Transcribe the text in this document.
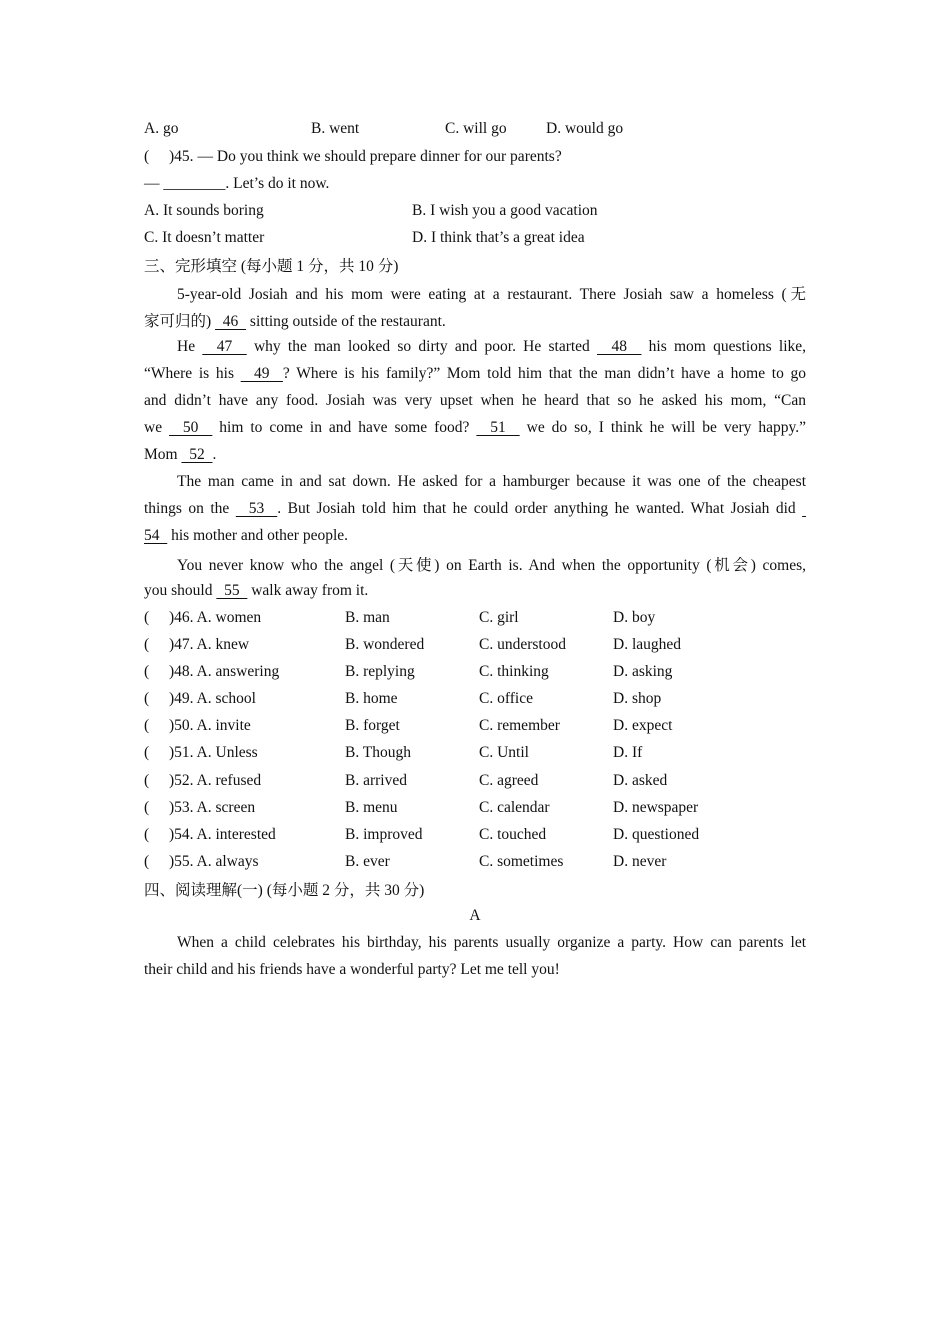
A. go	B. went	C. will go	D. would go
( )45. — Do you think we should prepare dinner for our parents?
— ________. Let’s do it now.
A. It sounds boring	B. I wish you a good vacation
C. It doesn’t matter	D. I think that’s a great idea
三、完形填空 (每小题 1 分，共 10 分)
5-year-old Josiah and his mom were eating at a restaurant. There Josiah saw a homeless (无
家可归的)   46   sitting outside of the restaurant.
He   47   why the man looked so dirty and poor. He started   48   his mom questions like,
“Where is his   49  ? Where is his family?” Mom told him that the man didn’t have a home to go
and didn’t have any food. Josiah was very upset when he heard that so he asked his mom, “Can
we   50   him to come in and have some food?   51   we do so, I think he will be very happy.”
Mom   52  .
The man came in and sat down. He asked for a hamburger because it was one of the cheapest
things on the   53  . But Josiah told him that he could order anything he wanted. What Josiah did
54   his mother and other people.
You never know who the angel (天使) on Earth is. And when the opportunity (机会) comes,
you should   55   walk away from it.
( )46. A. women	B. man	C. girl	D. boy
( )47. A. knew	B. wondered	C. understood	D. laughed
( )48. A. answering	B. replying	C. thinking	D. asking
( )49. A. school	B. home	C. office	D. shop
( )50. A. invite	B. forget	C. remember	D. expect
( )51. A. Unless	B. Though	C. Until	D. If
( )52. A. refused	B. arrived	C. agreed	D. asked
( )53. A. screen	B. menu	C. calendar	D. newspaper
( )54. A. interested	B. improved	C. touched	D. questioned
( )55. A. always	B. ever	C. sometimes	D. never
四、阅读理解(一) (每小题 2 分，共 30 分)
A
When a child celebrates his birthday, his parents usually organize a party. How can parents let
their child and his friends have a wonderful party? Let me tell you!
